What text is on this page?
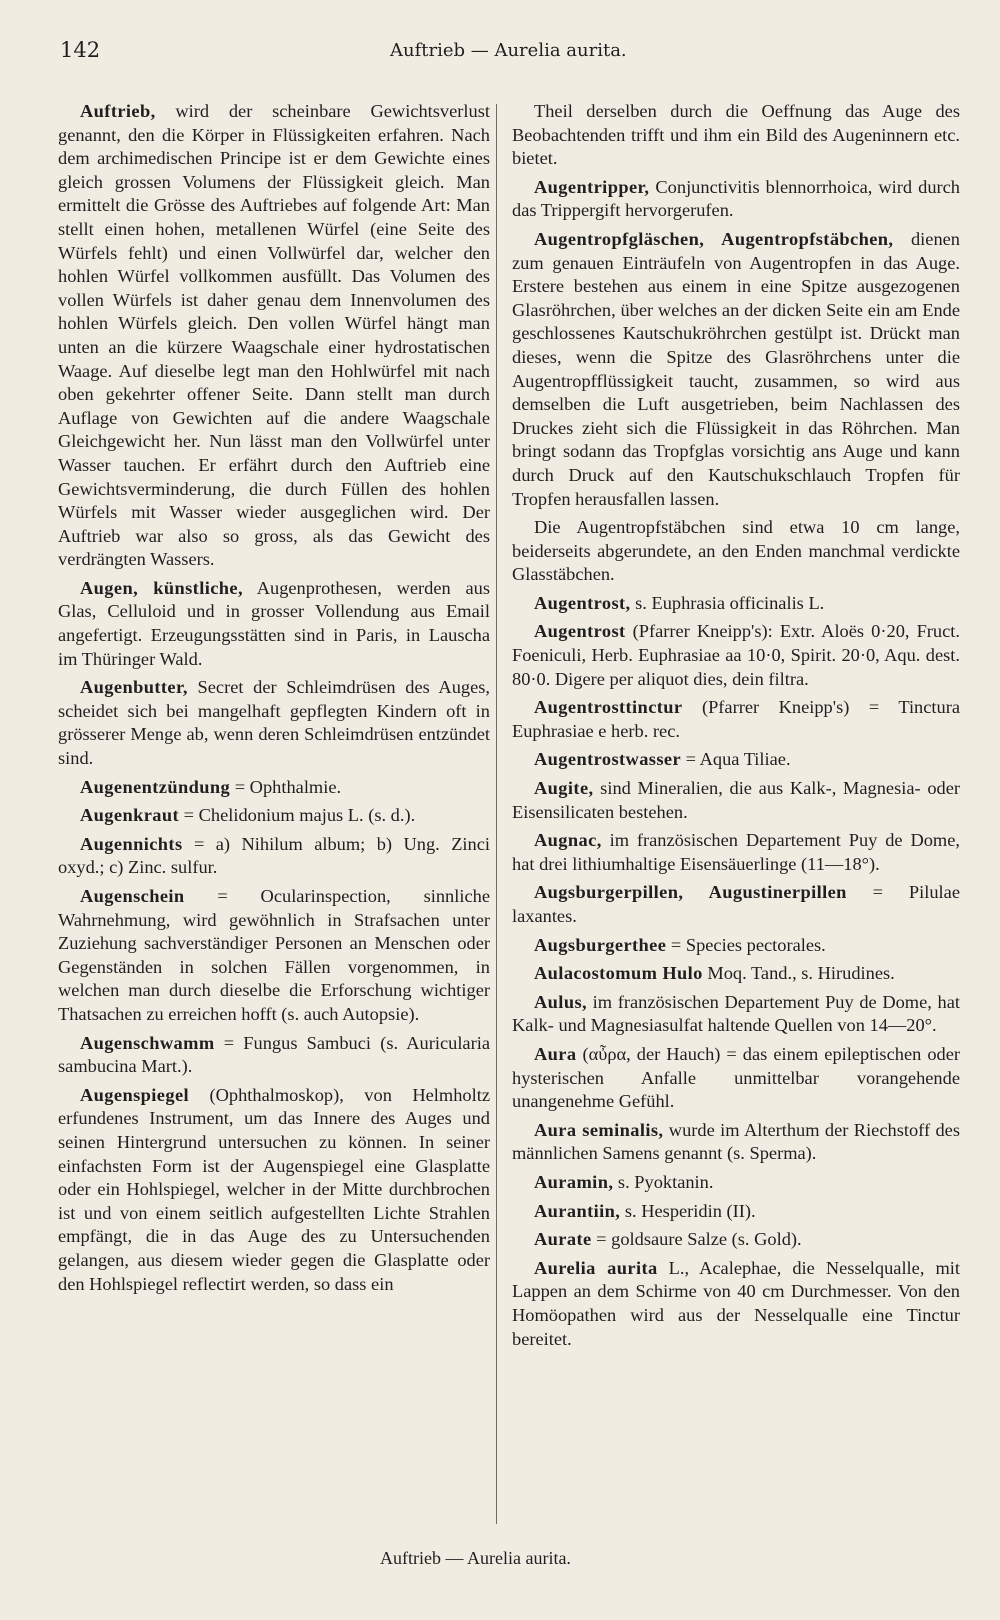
142	Auftrieb — Aurelia aurita.

Auftrieb, wird der scheinbare Gewichtsverlust genannt, den die Körper in Flüssigkeiten erfahren. Nach dem archimedischen Principe ist er dem Gewichte eines gleich grossen Volumens der Flüssigkeit gleich. Man ermittelt die Grösse des Auftriebes auf folgende Art: Man stellt einen hohen, metallenen Würfel (eine Seite des Würfels fehlt) und einen Vollwürfel dar, welcher den hohlen Würfel vollkommen ausfüllt. Das Volumen des vollen Würfels ist daher genau dem Innenvolumen des hohlen Würfels gleich. Den vollen Würfel hängt man unten an die kürzere Waagschale einer hydrostatischen Waage. Auf dieselbe legt man den Hohlwürfel mit nach oben gekehrter offener Seite. Dann stellt man durch Auflage von Gewichten auf die andere Waagschale Gleichgewicht her. Nun lässt man den Vollwürfel unter Wasser tauchen. Er erfährt durch den Auftrieb eine Gewichtsverminderung, die durch Füllen des hohlen Würfels mit Wasser wieder ausgeglichen wird. Der Auftrieb war also so gross, als das Gewicht des verdrängten Wassers.

Augen, künstliche, Augenprothesen, werden aus Glas, Celluloid und in grosser Vollendung aus Email angefertigt. Erzeugungsstätten sind in Paris, in Lauscha im Thüringer Wald.

Augenbutter, Secret der Schleimdrüsen des Auges, scheidet sich bei mangelhaft gepflegten Kindern oft in grösserer Menge ab, wenn deren Schleimdrüsen entzündet sind.

Augenentzündung = Ophthalmie.

Augenkraut = Chelidonium majus L. (s. d.).

Augennichts = a) Nihilum album; b) Ung. Zinci oxyd.; c) Zinc. sulfur.

Augenschein = Ocularinspection, sinnliche Wahrnehmung, wird gewöhnlich in Strafsachen unter Zuziehung sachverständiger Personen an Menschen oder Gegenständen in solchen Fällen vorgenommen, in welchen man durch dieselbe die Erforschung wichtiger Thatsachen zu erreichen hofft (s. auch Autopsie).

Augenschwamm = Fungus Sambuci (s. Auricularia sambucina Mart.).

Augenspiegel (Ophthalmoskop), von Helmholtz erfundenes Instrument, um das Innere des Auges und seinen Hintergrund untersuchen zu können. In seiner einfachsten Form ist der Augenspiegel eine Glasplatte oder ein Hohlspiegel, welcher in der Mitte durchbrochen ist und von einem seitlich aufgestellten Lichte Strahlen empfängt, die in das Auge des zu Untersuchenden gelangen, aus diesem wieder gegen die Glasplatte oder den Hohlspiegel reflectirt werden, so dass ein

Theil derselben durch die Oeffnung das Auge des Beobachtenden trifft und ihm ein Bild des Augeninnern etc. bietet.

Augentripper, Conjunctivitis blennorrhoica, wird durch das Trippergift hervorgerufen.

Augentropfgläschen, Augentropfstäbchen, dienen zum genauen Einträufeln von Augentropfen in das Auge. Erstere bestehen aus einem in eine Spitze ausgezogenen Glasröhrchen, über welches an der dicken Seite ein am Ende geschlossenes Kautschukröhrchen gestülpt ist. Drückt man dieses, wenn die Spitze des Glasröhrchens unter die Augentropfflüssigkeit taucht, zusammen, so wird aus demselben die Luft ausgetrieben, beim Nachlassen des Druckes zieht sich die Flüssigkeit in das Röhrchen. Man bringt sodann das Tropfglas vorsichtig ans Auge und kann durch Druck auf den Kautschukschlauch Tropfen für Tropfen herausfallen lassen.

Die Augentropfstäbchen sind etwa 10 cm lange, beiderseits abgerundete, an den Enden manchmal verdickte Glasstäbchen.

Augentrost, s. Euphrasia officinalis L.

Augentrost (Pfarrer Kneipp's): Extr. Aloës 0·20, Fruct. Foeniculi, Herb. Euphrasiae aa 10·0, Spirit. 20·0, Aqu. dest. 80·0. Digere per aliquot dies, dein filtra.

Augentrosttinctur (Pfarrer Kneipp's) = Tinctura Euphrasiae e herb. rec.

Augentrostwasser = Aqua Tiliae.

Augite, sind Mineralien, die aus Kalk-, Magnesia- oder Eisensilicaten bestehen.

Augnac, im französischen Departement Puy de Dome, hat drei lithiumhaltige Eisensäuerlinge (11—18°).

Augsburgerpillen, Augustinerpillen = Pilulae laxantes.

Augsburgerthee = Species pectorales.

Aulacostomum Hulo Moq. Tand., s. Hirudines.

Aulus, im französischen Departement Puy de Dome, hat Kalk- und Magnesiasulfat haltende Quellen von 14—20°.

Aura (αὖρα, der Hauch) = das einem epileptischen oder hysterischen Anfalle unmittelbar vorangehende unangenehme Gefühl.

Aura seminalis, wurde im Alterthum der Riechstoff des männlichen Samens genannt (s. Sperma).

Auramin, s. Pyoktanin.

Aurantiin, s. Hesperidin (II).

Aurate = goldsaure Salze (s. Gold).

Aurelia aurita L., Acalephae, die Nesselqualle, mit Lappen an dem Schirme von 40 cm Durchmesser. Von den Homöopathen wird aus der Nesselqualle eine Tinctur bereitet.

Auftrieb — Aurelia aurita.
